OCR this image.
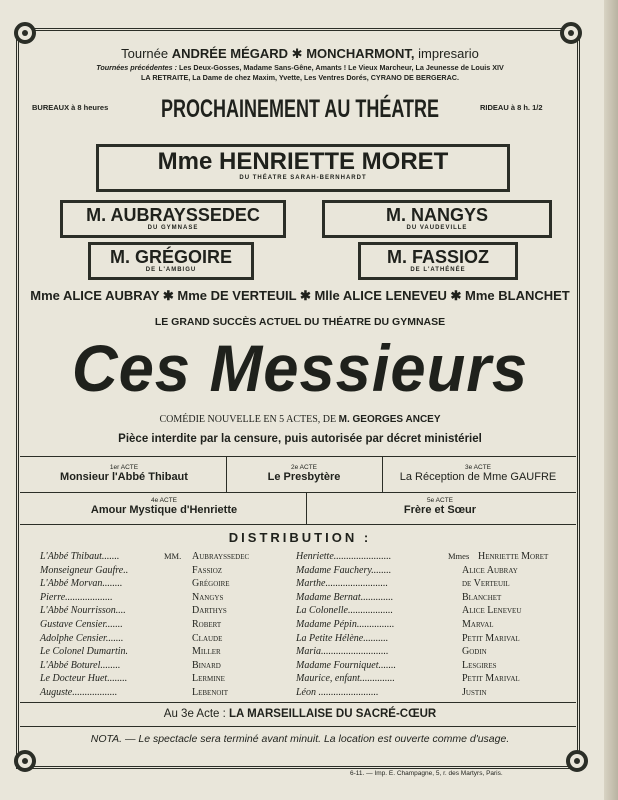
Tournée ANDRÉE MÉGARD ✱ MONCHARMONT, impresario
Tournées précédentes : Les Deux-Gosses, Madame Sans-Gêne, Amants ! Le Vieux Marcheur, La Jeunesse de Louis XIV
LA RETRAITE, La Dame de chez Maxim, Yvette, Les Ventres Dorés, CYRANO DE BERGERAC.
BUREAUX à 8 heures	PROCHAINEMENT AU THÉATRE	RIDEAU à 8 h. 1/2
Mme HENRIETTE MORET
DU THÉATRE SARAH-BERNHARDT
M. AUBRAYSSEDEC
DU GYMNASE
M. NANGYS
DU VAUDEVILLE
M. GRÉGOIRE
DE L'AMBIGU
M. FASSIOZ
DE L'ATHÉNÉE
Mme ALICE AUBRAY ✱ Mme DE VERTEUIL ✱ Mlle ALICE LENEVEU ✱ Mme BLANCHET
LE GRAND SUCCÈS ACTUEL DU THÉATRE DU GYMNASE
Ces Messieurs
COMÉDIE NOUVELLE EN 5 ACTES, DE M. GEORGES ANCEY
Pièce interdite par la censure, puis autorisée par décret ministériel
1er ACTE
Monsieur l'Abbé Thibaut
2e ACTE
Le Presbytère
3e ACTE
La Réception de Mme GAUFRE
4e ACTE
Amour Mystique d'Henriette
5e ACTE
Frère et Sœur
DISTRIBUTION :
L'Abbé Thibaut.......	MM. Aubrayssedec
Monseigneur Gaufre..	Fassioz
L'Abbé Morvan........	Grégoire
Pierre...................	Nangys
L'Abbé Nourrisson....	Darthys
Gustave Censier.......	Robert
Adolphe Censier.......	Claude
Le Colonel Dumartin.	Miller
L'Abbé Boturel........	Binard
Le Docteur Huet........	Lermine
Auguste..................	Lebenoit
Henriette.......................	Mmes Henriette Moret
Madame Fauchery........	Alice Aubray
Marthe.........................	de Verteuil
Madame Bernat.............	Blanchet
La Colonelle..................	Alice Leneveu
Madame Pépin...............	Marval
La Petite Hélène..........	Petit Marival
Maria...........................	Godin
Madame Fourniquet.......	Lesgires
Maurice, enfant..............	Petit Marival
Léon ........................	Justin
Au 3e Acte : LA MARSEILLAISE DU SACRÉ-CŒUR
NOTA. — Le spectacle sera terminé avant minuit. La location est ouverte comme d'usage.
6-11. — Imp. E. Champagne, 5, r. des Martyrs, Paris.
